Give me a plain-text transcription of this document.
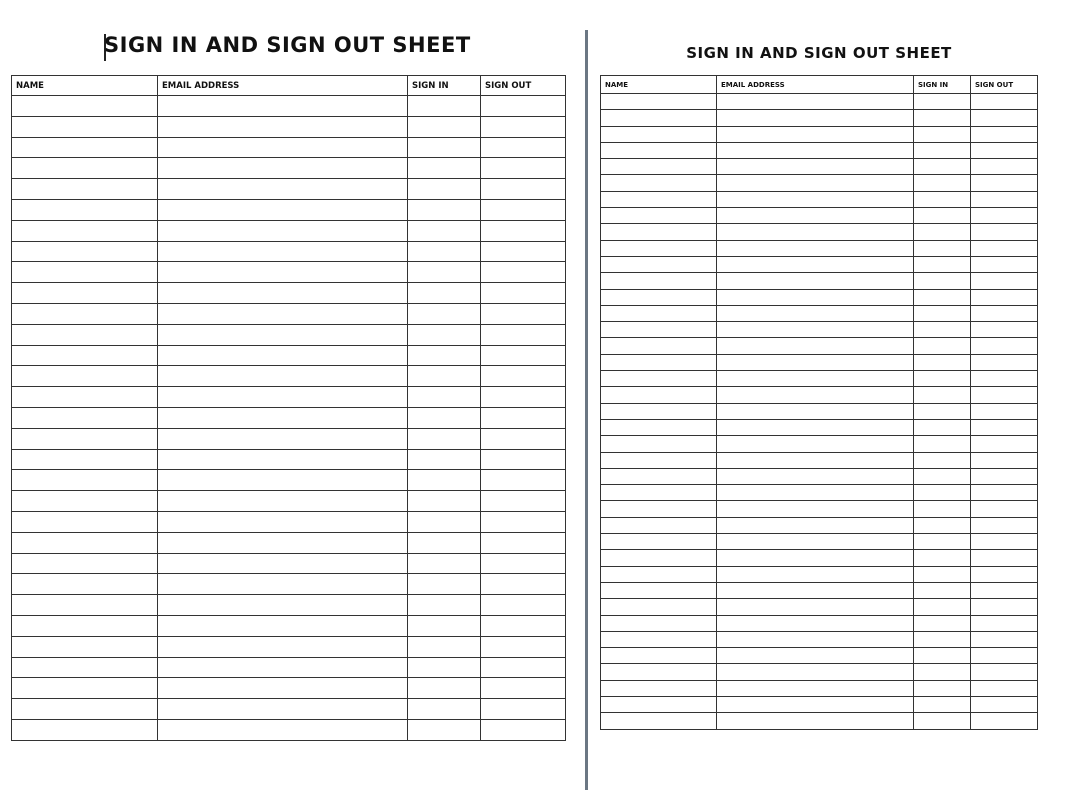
SIGN IN AND SIGN OUT SHEET
NAME	EMAIL ADDRESS	SIGN IN	SIGN OUT

SIGN IN AND SIGN OUT SHEET
NAME	EMAIL ADDRESS	SIGN IN	SIGN OUT
